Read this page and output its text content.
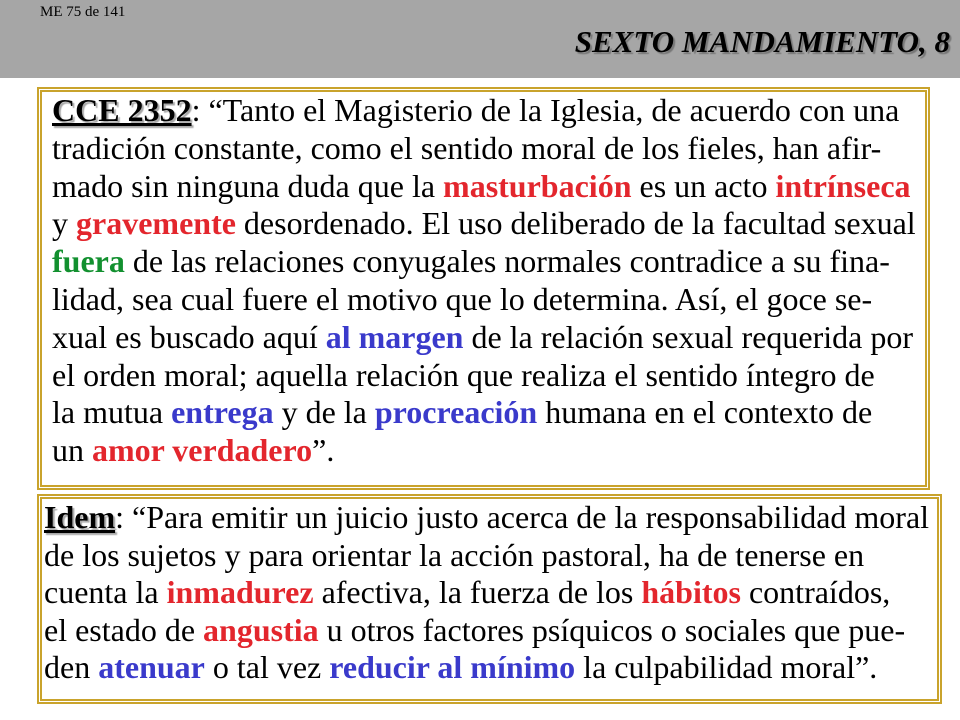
ME 75 de 141
SEXTO MANDAMIENTO, 8
CCE 2352: “Tanto el Magisterio de la Iglesia, de acuerdo con una
tradición constante, como el sentido moral de los fieles, han afir-
mado sin ninguna duda que la masturbación es un acto intrínseca
y gravemente desordenado. El uso deliberado de la facultad sexual
fuera de las relaciones conyugales normales contradice a su fina-
lidad, sea cual fuere el motivo que lo determina. Así, el goce se-
xual es buscado aquí al margen de la relación sexual requerida por
el orden moral; aquella relación que realiza el sentido íntegro de
la mutua entrega y de la procreación humana en el contexto de
un amor verdadero”.
Idem: “Para emitir un juicio justo acerca de la responsabilidad moral
de los sujetos y para orientar la acción pastoral, ha de tenerse en
cuenta la inmadurez afectiva, la fuerza de los hábitos contraídos,
el estado de angustia u otros factores psíquicos o sociales que pue-
den atenuar o tal vez reducir al mínimo la culpabilidad moral”.
